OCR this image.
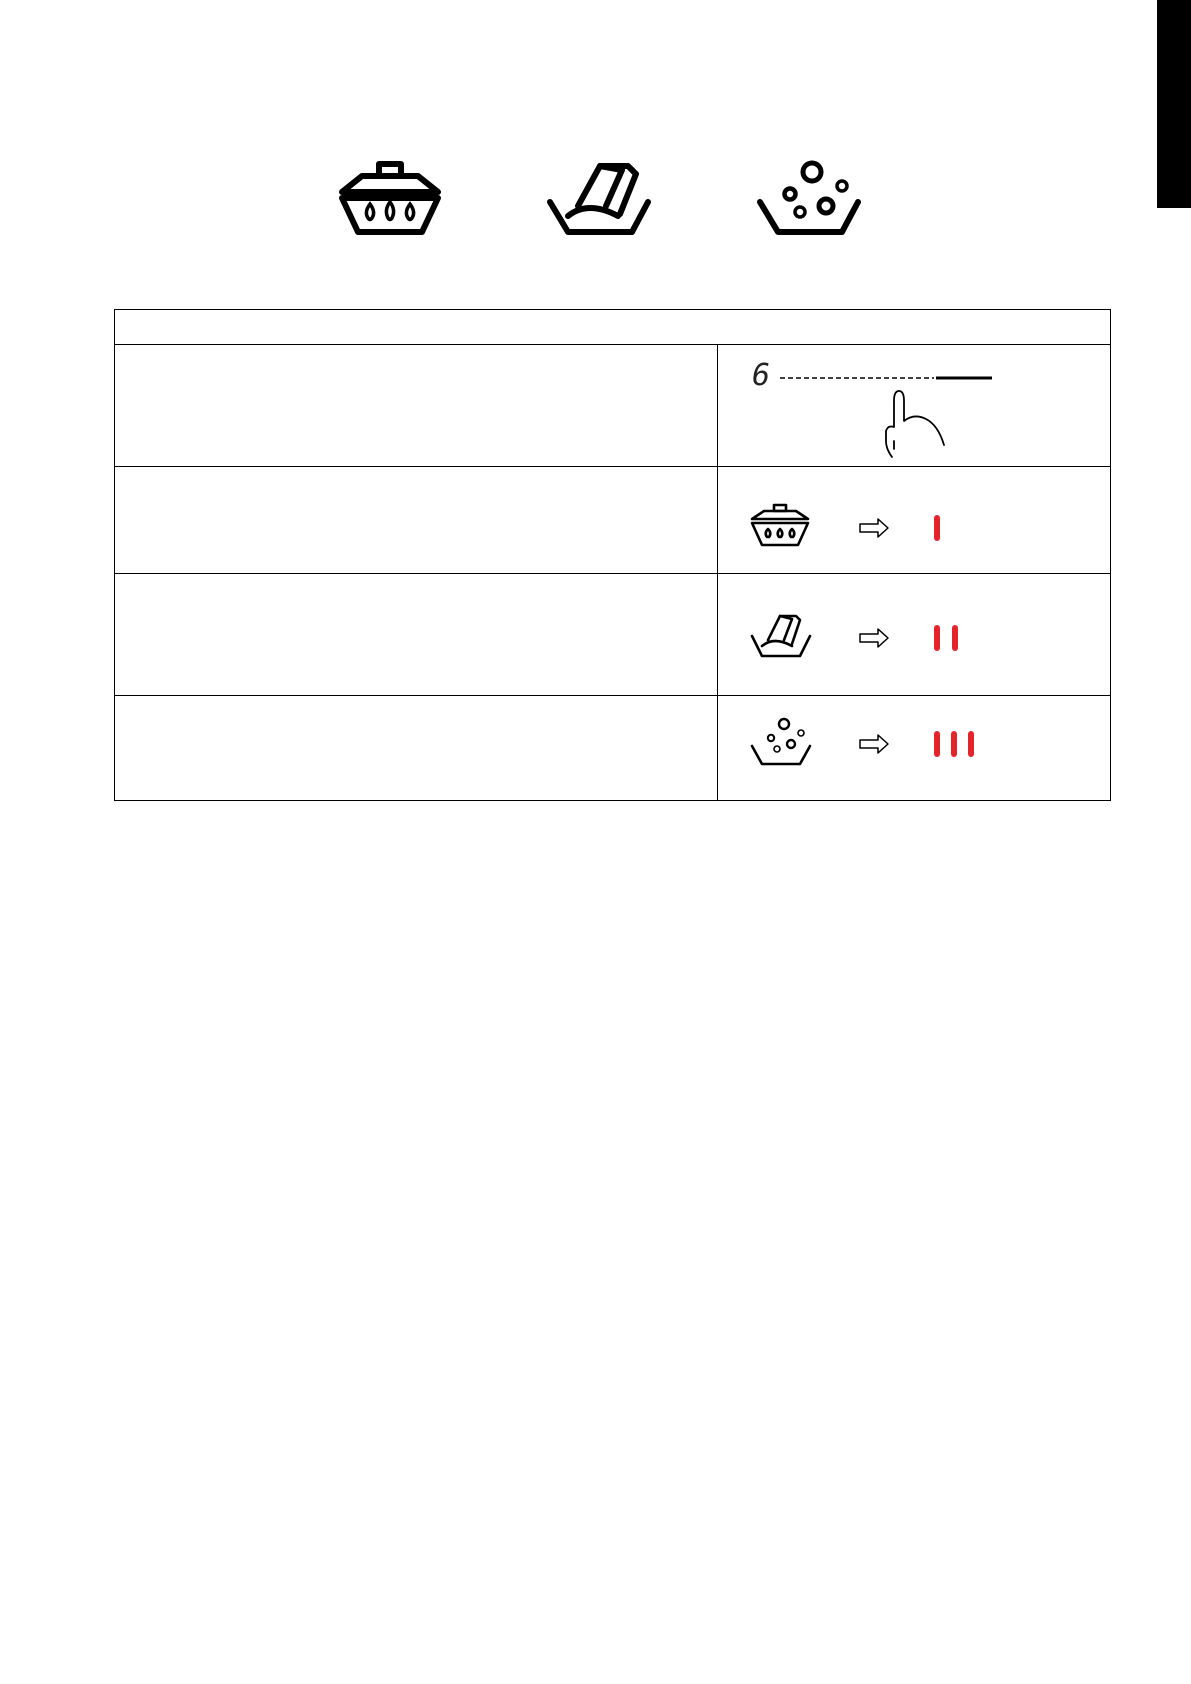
	6
